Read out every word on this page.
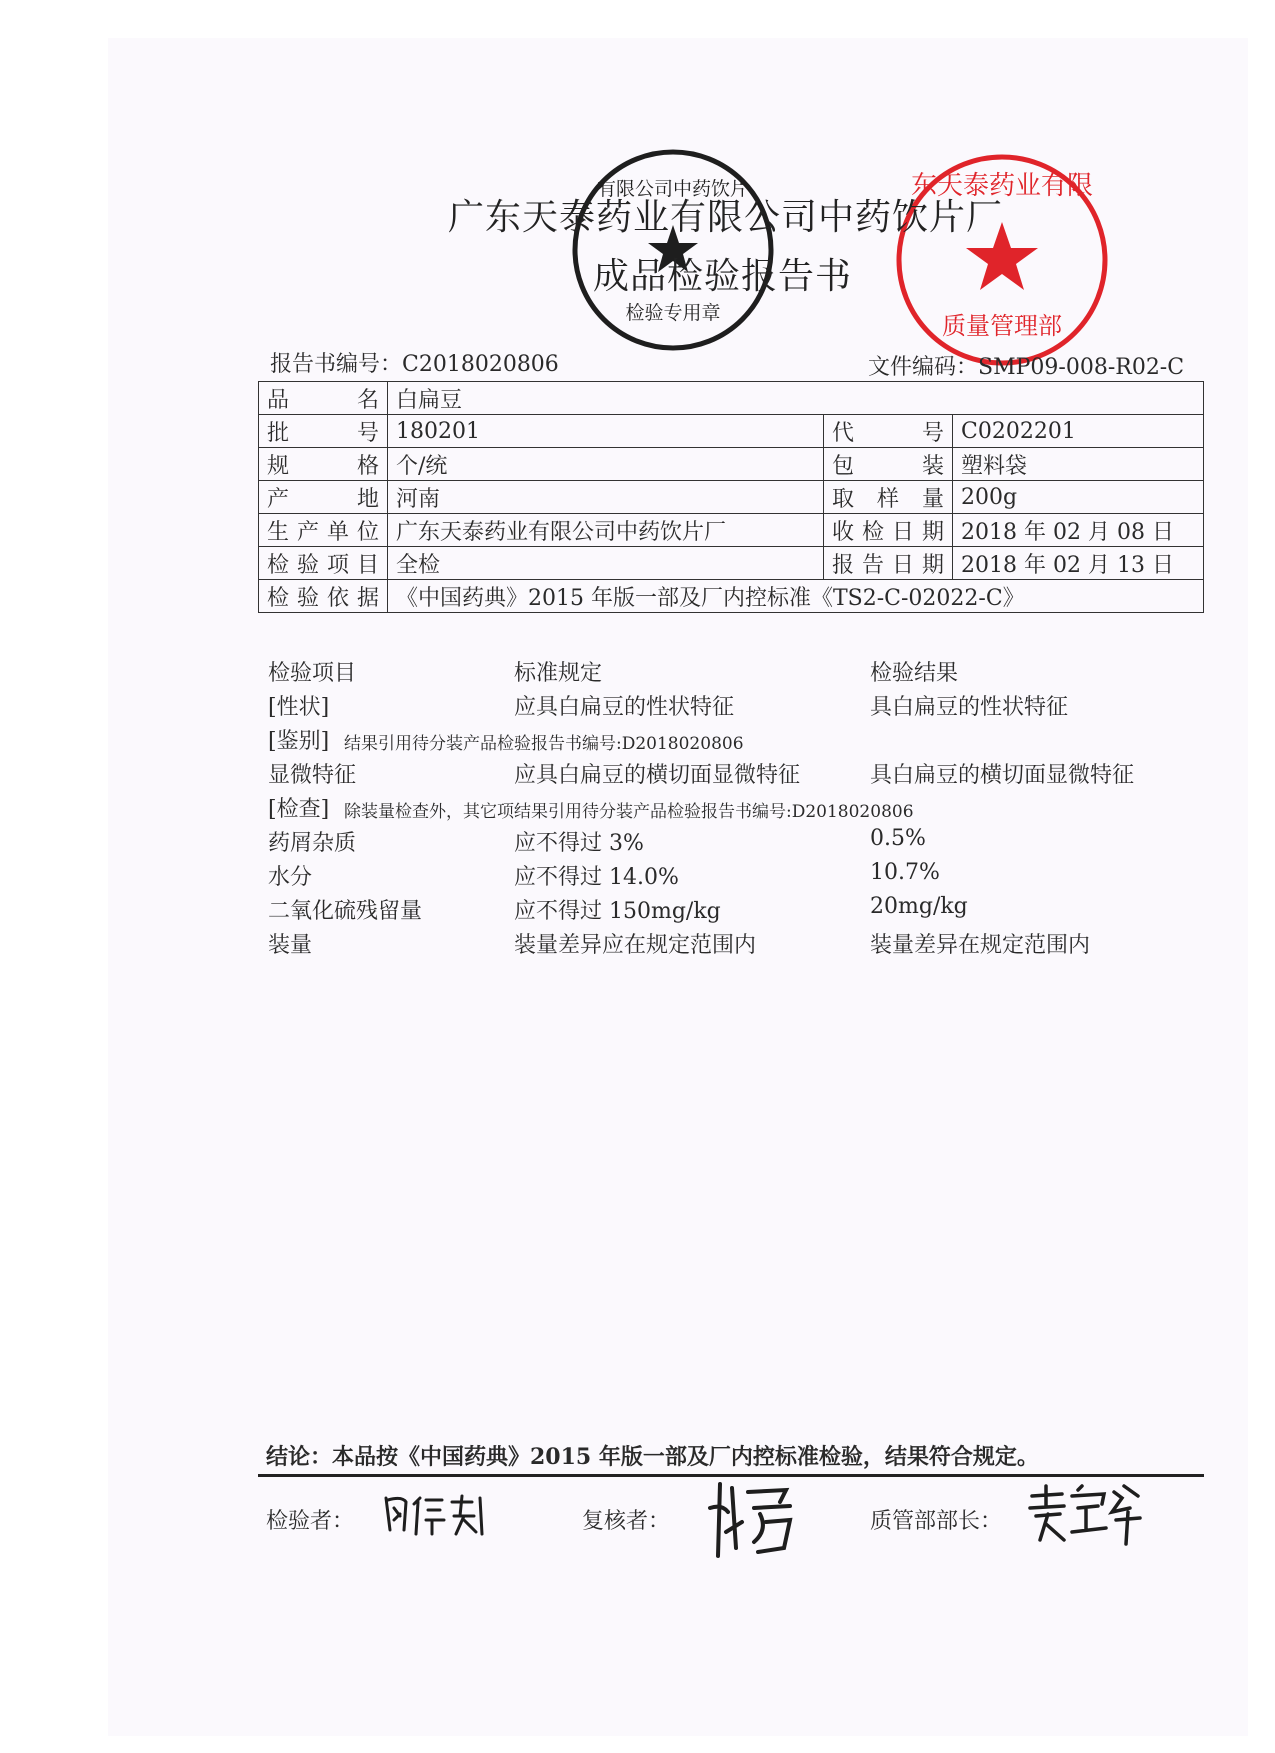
有限公司中药饮片
检验专用章
东天泰药业有限
质量管理部
广东天泰药业有限公司中药饮片厂
成品检验报告书
报告书编号：C2018020806	文件编码：SMP09-008-R02-C
品　名	白扁豆		
批　号	180201	代　号	C0202201
规　格	个/统	包　装	塑料袋
产　地	河南	取样量	200g
生产单位	广东天泰药业有限公司中药饮片厂	收检日期	2018 年 02 月 08 日
检验项目	全检	报告日期	2018 年 02 月 13 日
检验依据	《中国药典》2015 年版一部及厂内控标准《TS2-C-02022-C》		
检验项目	标准规定	检验结果
[性状]	应具白扁豆的性状特征	具白扁豆的性状特征
[鉴别] 结果引用待分装产品检验报告书编号:D2018020806
显微特征	应具白扁豆的横切面显微特征	具白扁豆的横切面显微特征
[检查] 除装量检查外，其它项结果引用待分装产品检验报告书编号:D2018020806
药屑杂质	应不得过 3%	0.5%
水分	应不得过 14.0%	10.7%
二氧化硫残留量	应不得过 150mg/kg	20mg/kg
装量	装量差异应在规定范围内	装量差异在规定范围内
结论：本品按《中国药典》2015 年版一部及厂内控标准检验，结果符合规定。
检验者：	复核者：	质管部部长：
